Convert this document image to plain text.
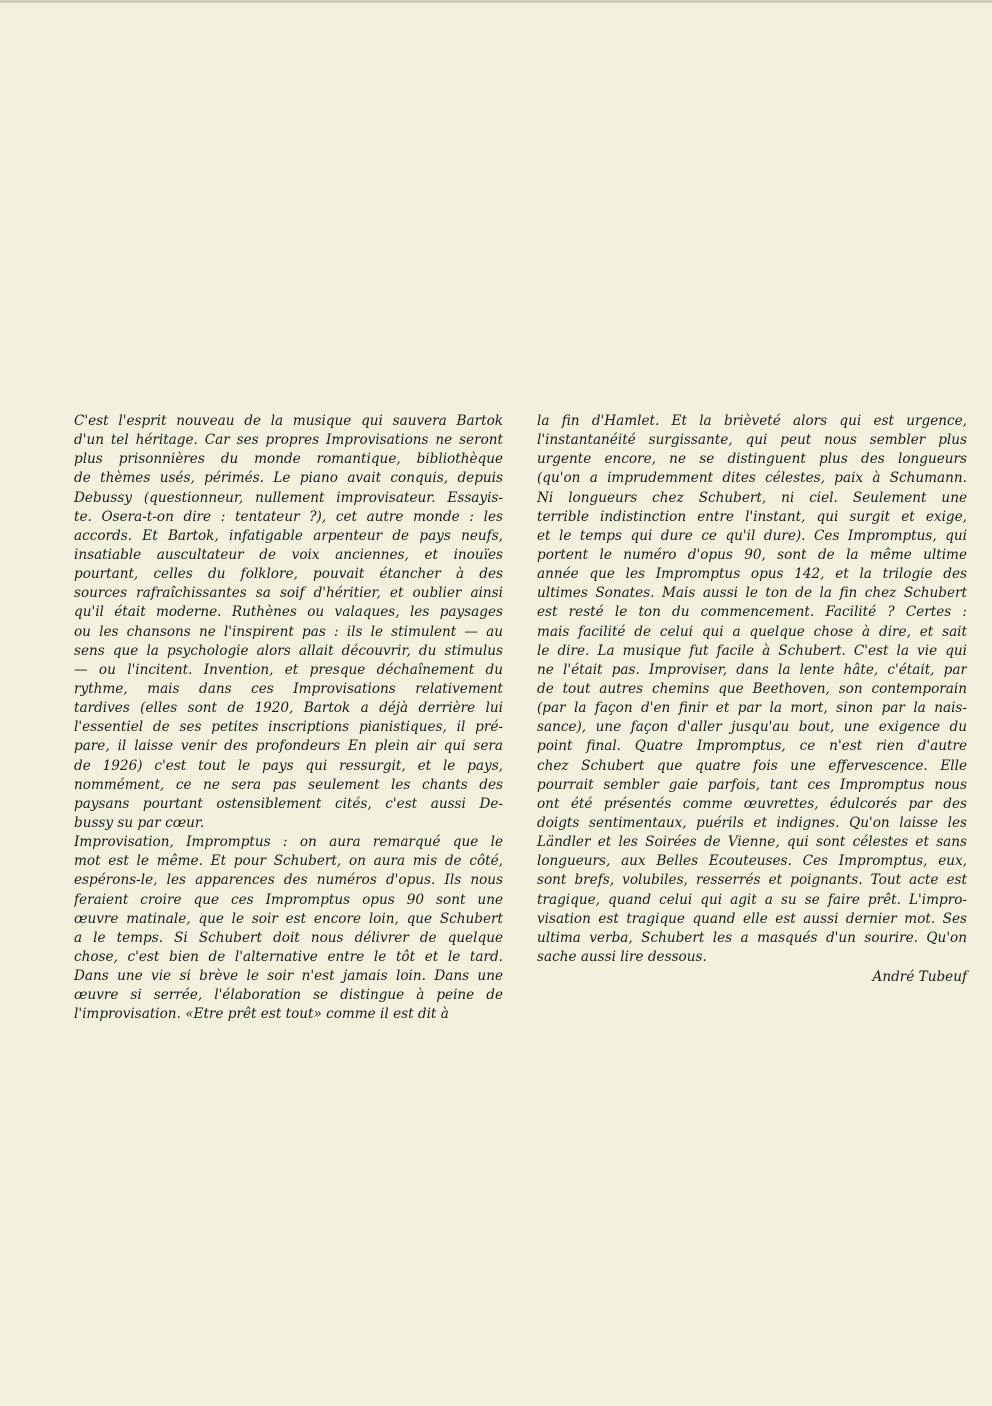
C'est l'esprit nouveau de la musique qui sauvera Bartok
d'un tel héritage. Car ses propres Improvisations ne seront
plus prisonnières du monde romantique, bibliothèque
de thèmes usés, périmés. Le piano avait conquis, depuis
Debussy (questionneur, nullement improvisateur. Essayis-
te. Osera-t-on dire : tentateur ?), cet autre monde : les
accords. Et Bartok, infatigable arpenteur de pays neufs,
insatiable auscultateur de voix anciennes, et inouïes
pourtant, celles du folklore, pouvait étancher à des
sources rafraîchissantes sa soif d'héritier, et oublier ainsi
qu'il était moderne. Ruthènes ou valaques, les paysages
ou les chansons ne l'inspirent pas : ils le stimulent — au
sens que la psychologie alors allait découvrir, du stimulus
— ou l'incitent. Invention, et presque déchaînement du
rythme, mais dans ces Improvisations relativement
tardives (elles sont de 1920, Bartok a déjà derrière lui
l'essentiel de ses petites inscriptions pianistiques, il pré-
pare, il laisse venir des profondeurs En plein air qui sera
de 1926) c'est tout le pays qui ressurgit, et le pays,
nommément, ce ne sera pas seulement les chants des
paysans pourtant ostensiblement cités, c'est aussi De-
bussy su par cœur.
Improvisation, Impromptus : on aura remarqué que le
mot est le même. Et pour Schubert, on aura mis de côté,
espérons-le, les apparences des numéros d'opus. Ils nous
feraient croire que ces Impromptus opus 90 sont une
œuvre matinale, que le soir est encore loin, que Schubert
a le temps. Si Schubert doit nous délivrer de quelque
chose, c'est bien de l'alternative entre le tôt et le tard.
Dans une vie si brève le soir n'est jamais loin. Dans une
œuvre si serrée, l'élaboration se distingue à peine de
l'improvisation. «Etre prêt est tout» comme il est dit à
la fin d'Hamlet. Et la brièveté alors qui est urgence,
l'instantanéité surgissante, qui peut nous sembler plus
urgente encore, ne se distinguent plus des longueurs
(qu'on a imprudemment dites célestes, paix à Schumann.
Ni longueurs chez Schubert, ni ciel. Seulement une
terrible indistinction entre l'instant, qui surgit et exige,
et le temps qui dure ce qu'il dure). Ces Impromptus, qui
portent le numéro d'opus 90, sont de la même ultime
année que les Impromptus opus 142, et la trilogie des
ultimes Sonates. Mais aussi le ton de la fin chez Schubert
est resté le ton du commencement. Facilité ? Certes :
mais facilité de celui qui a quelque chose à dire, et sait
le dire. La musique fut facile à Schubert. C'est la vie qui
ne l'était pas. Improviser, dans la lente hâte, c'était, par
de tout autres chemins que Beethoven, son contemporain
(par la façon d'en finir et par la mort, sinon par la nais-
sance), une façon d'aller jusqu'au bout, une exigence du
point final. Quatre Impromptus, ce n'est rien d'autre
chez Schubert que quatre fois une effervescence. Elle
pourrait sembler gaie parfois, tant ces Impromptus nous
ont été présentés comme œuvrettes, édulcorés par des
doigts sentimentaux, puérils et indignes. Qu'on laisse les
Ländler et les Soirées de Vienne, qui sont célestes et sans
longueurs, aux Belles Ecouteuses. Ces Impromptus, eux,
sont brefs, volubiles, resserrés et poignants. Tout acte est
tragique, quand celui qui agit a su se faire prêt. L'impro-
visation est tragique quand elle est aussi dernier mot. Ses
ultima verba, Schubert les a masqués d'un sourire. Qu'on
sache aussi lire dessous.
André Tubeuf
